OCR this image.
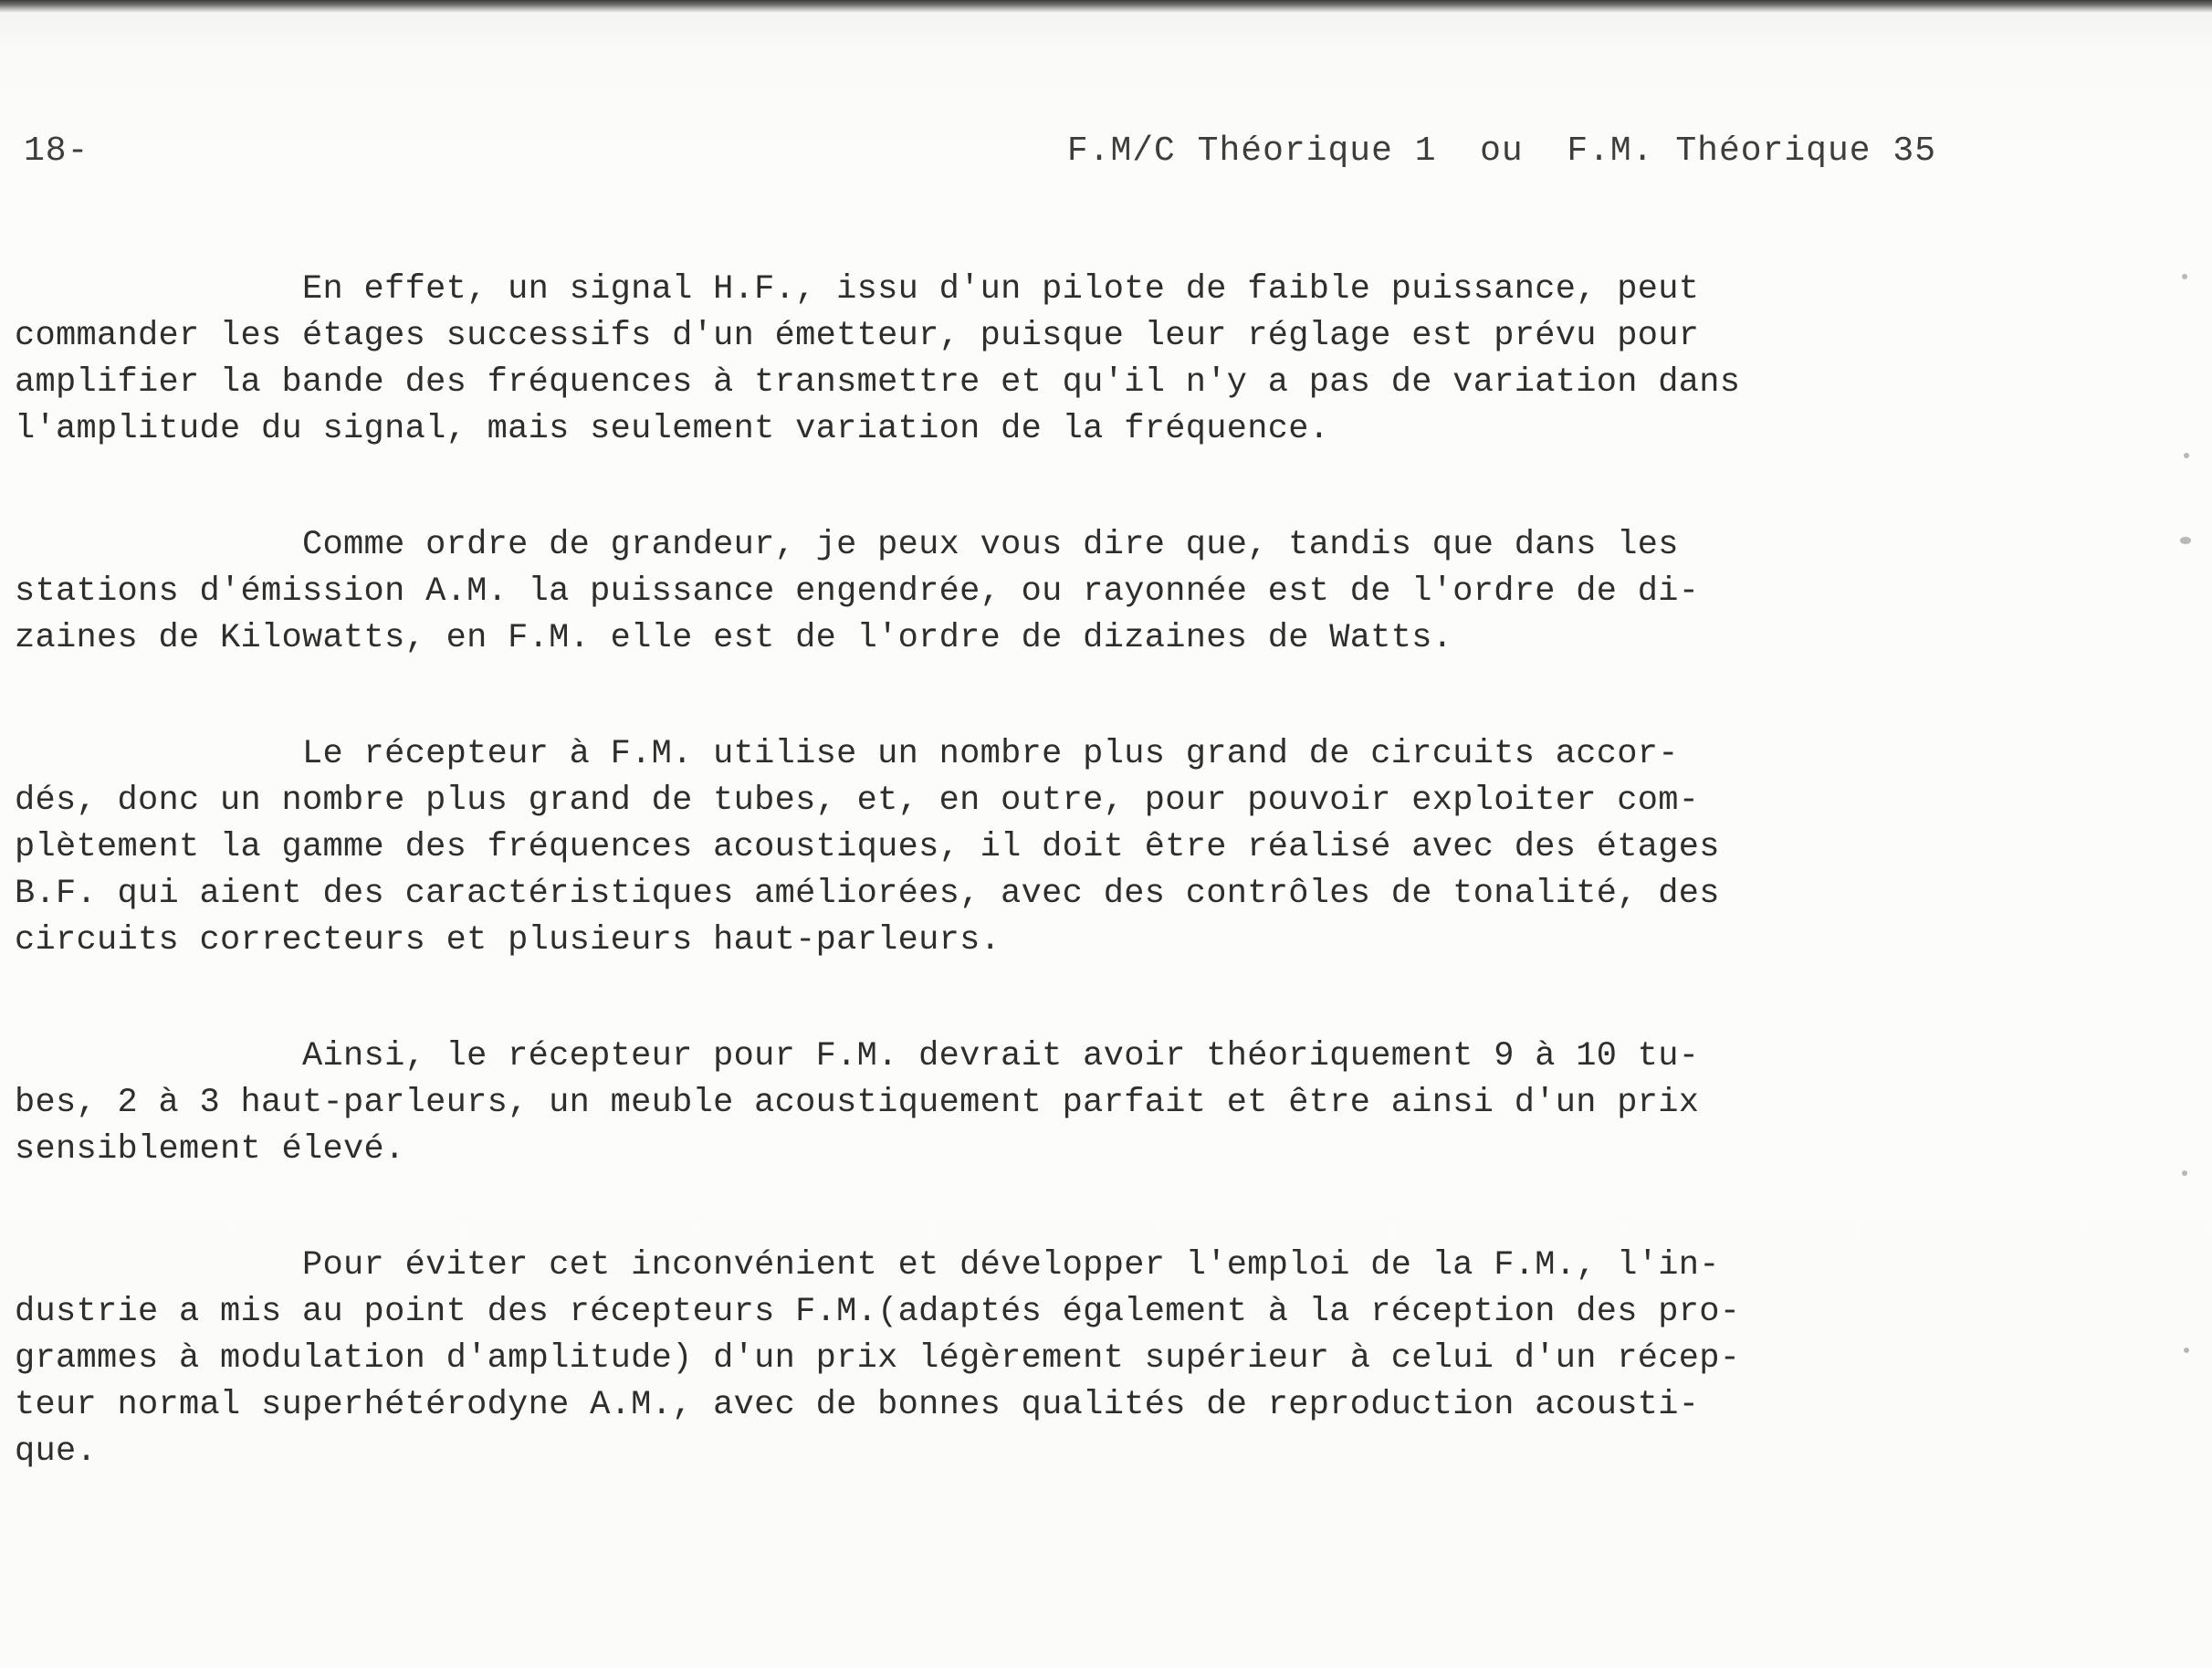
18-	F.M/C Théorique 1  ou  F.M. Théorique 35
En effet, un signal H.F., issu d'un pilote de faible puissance, peut
commander les étages successifs d'un émetteur, puisque leur réglage est prévu pour
amplifier la bande des fréquences à transmettre et qu'il n'y a pas de variation dans
l'amplitude du signal, mais seulement variation de la fréquence.
Comme ordre de grandeur, je peux vous dire que, tandis que dans les
stations d'émission A.M. la puissance engendrée, ou rayonnée est de l'ordre de di-
zaines de Kilowatts, en F.M. elle est de l'ordre de dizaines de Watts.
Le récepteur à F.M. utilise un nombre plus grand de circuits accor-
dés, donc un nombre plus grand de tubes, et, en outre, pour pouvoir exploiter com-
plètement la gamme des fréquences acoustiques, il doit être réalisé avec des étages
B.F. qui aient des caractéristiques améliorées, avec des contrôles de tonalité, des
circuits correcteurs et plusieurs haut-parleurs.
Ainsi, le récepteur pour F.M. devrait avoir théoriquement 9 à 10 tu-
bes, 2 à 3 haut-parleurs, un meuble acoustiquement parfait et être ainsi d'un prix
sensiblement élevé.
Pour éviter cet inconvénient et développer l'emploi de la F.M., l'in-
dustrie a mis au point des récepteurs F.M.(adaptés également à la réception des pro-
grammes à modulation d'amplitude) d'un prix légèrement supérieur à celui d'un récep-
teur normal superhétérodyne A.M., avec de bonnes qualités de reproduction acousti-
que.
